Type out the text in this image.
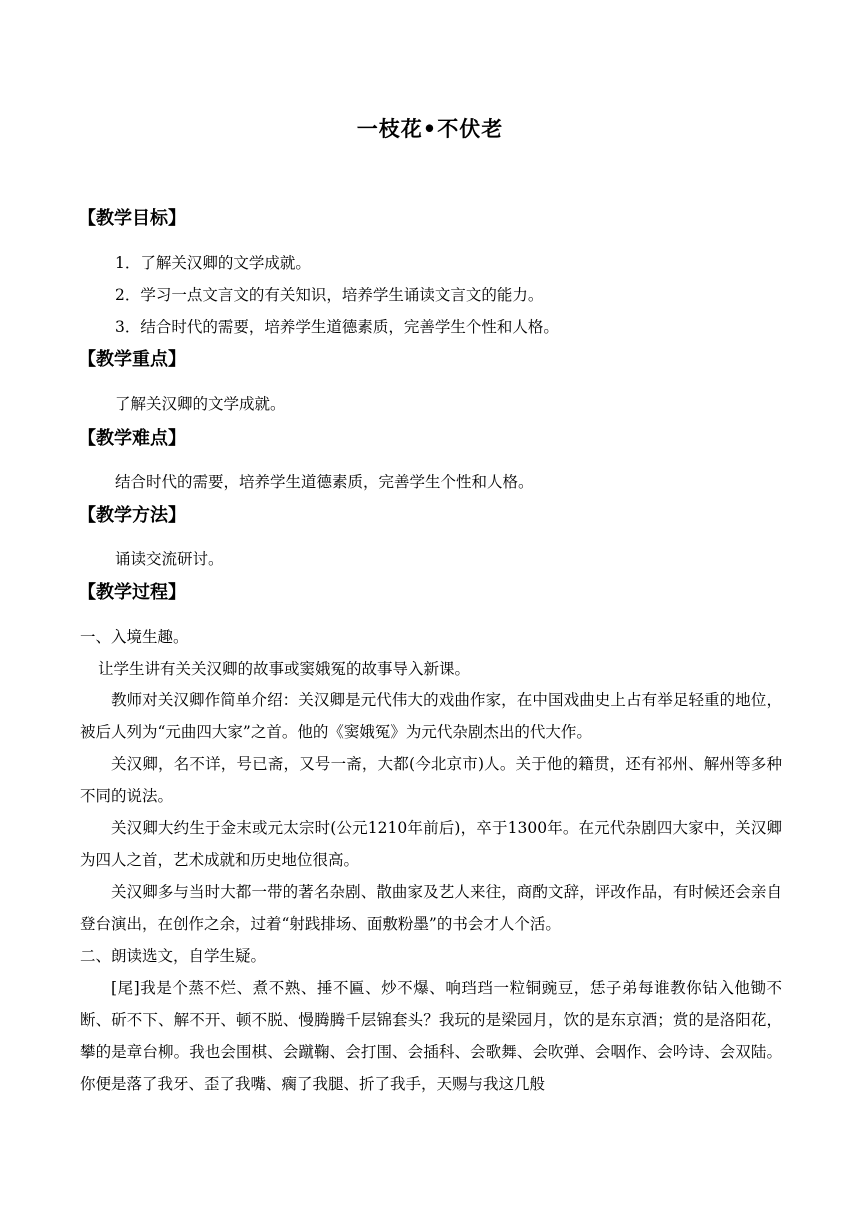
一枝花•不伏老
【教学目标】
1．了解关汉卿的文学成就。
2．学习一点文言文的有关知识，培养学生诵读文言文的能力。
3．结合时代的需要，培养学生道德素质，完善学生个性和人格。
【教学重点】
了解关汉卿的文学成就。
【教学难点】
结合时代的需要，培养学生道德素质，完善学生个性和人格。
【教学方法】
诵读交流研讨。
【教学过程】
一、入境生趣。
让学生讲有关关汉卿的故事或窦娥冤的故事导入新课。
教师对关汉卿作简单介绍：关汉卿是元代伟大的戏曲作家，在中国戏曲史上占有举足轻重的地位，被后人列为“元曲四大家”之首。他的《窦娥冤》为元代杂剧杰出的代大作。
关汉卿，名不详，号已斋，又号一斋，大都(今北京市)人。关于他的籍贯，还有祁州、解州等多种不同的说法。
关汉卿大约生于金末或元太宗时(公元1210年前后)，卒于1300年。在元代杂剧四大家中，关汉卿为四人之首，艺术成就和历史地位很高。
关汉卿多与当时大都一带的著名杂剧、散曲家及艺人来往，商酌文辞，评改作品，有时候还会亲自登台演出，在创作之余，过着“射践排场、面敷粉墨”的书会才人个活。
二、朗读选文，自学生疑。
[尾]我是个蒸不烂、煮不熟、捶不匾、炒不爆、响珰珰一粒铜豌豆，恁子弟每谁教你钻入他锄不断、斫不下、解不开、顿不脱、慢腾腾千层锦套头？我玩的是梁园月，饮的是东京酒；赏的是洛阳花，攀的是章台柳。我也会围棋、会蹴鞠、会打围、会插科、会歌舞、会吹弹、会咽作、会吟诗、会双陆。你便是落了我牙、歪了我嘴、瘸了我腿、折了我手，天赐与我这几般
